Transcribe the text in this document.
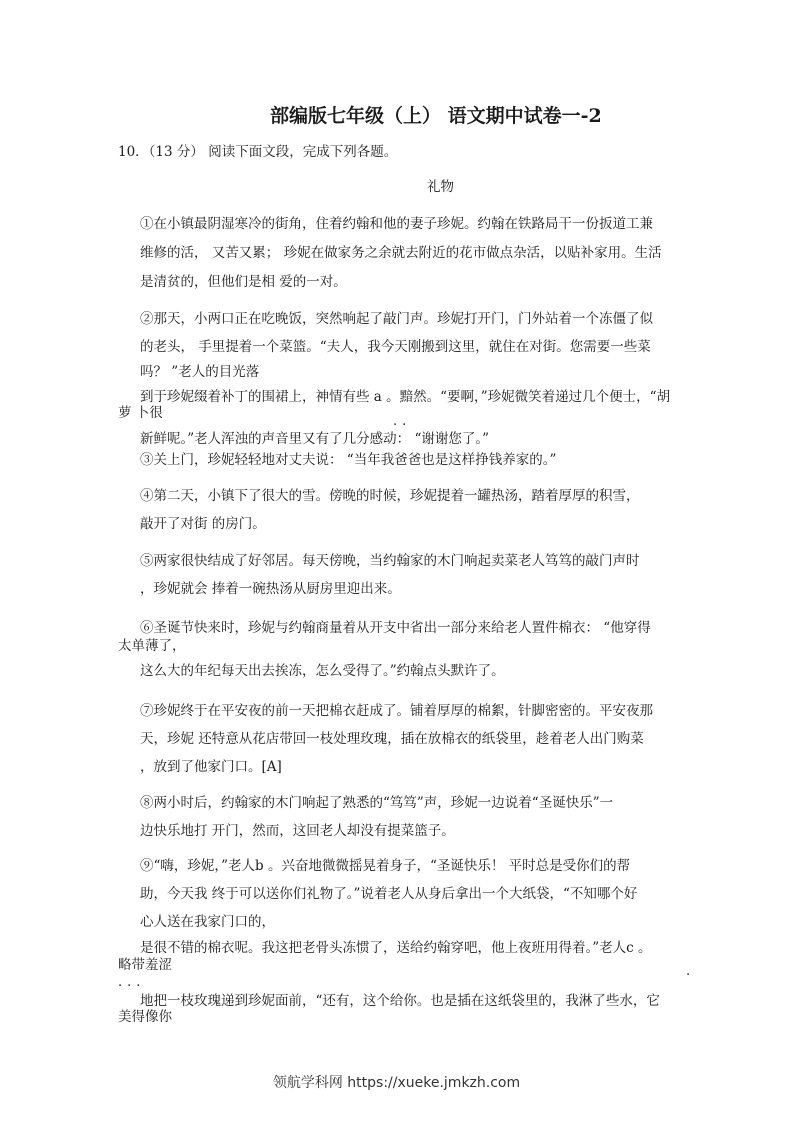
部编版七年级（上） 语文期中试卷一-2
10．（13 分） 阅读下面文段，完成下列各题。
礼物
①在小镇最阴湿寒冷的街角，住着约翰和他的妻子珍妮。约翰在铁路局干一份扳道工兼
维修的活， 又苦又累； 珍妮在做家务之余就去附近的花市做点杂活，以贴补家用。生活
是清贫的，但他们是相 爱的一对。
②那天，小两口正在吃晚饭，突然响起了敲门声。珍妮打开门，门外站着一个冻僵了似
的老头， 手里提着一个菜篮。“夫人，我今天刚搬到这里，就住在对街。您需要一些菜
吗？ ”老人的目光落
到于珍妮缀着补丁的围裙上，神情有些 a 。黯然。“要啊，”珍妮微笑着递过几个便士，“胡
萝 卜很
..
新鲜呢。”老人浑浊的声音里又有了几分感动： “谢谢您了。”
③关上门，珍妮轻轻地对丈夫说： “当年我爸爸也是这样挣钱养家的。”
④第二天，小镇下了很大的雪。傍晚的时候，珍妮提着一罐热汤，踏着厚厚的积雪，
敲开了对街 的房门。
⑤两家很快结成了好邻居。每天傍晚，当约翰家的木门响起卖菜老人笃笃的敲门声时
，珍妮就会 捧着一碗热汤从厨房里迎出来。
⑥圣诞节快来时，珍妮与约翰商量着从开支中省出一部分来给老人置件棉衣： “他穿得
太单薄了，
这么大的年纪每天出去挨冻，怎么受得了。”约翰点头默许了。
⑦珍妮终于在平安夜的前一天把棉衣赶成了。铺着厚厚的棉絮，针脚密密的。平安夜那
天，珍妮 还特意从花店带回一枝处理玫瑰，插在放棉衣的纸袋里，趁着老人出门购菜
，放到了他家门口。[A]
⑧两小时后，约翰家的木门响起了熟悉的“笃笃”声，珍妮一边说着“圣诞快乐”一
边快乐地打 开门，然而，这回老人却没有提菜篮子。
⑨“嗨，珍妮，”老人b 。兴奋地微微摇晃着身子，“圣诞快乐！ 平时总是受你们的帮
助，今天我 终于可以送你们礼物了。”说着老人从身后拿出一个大纸袋，“不知哪个好
心人送在我家门口的，
是很不错的棉衣呢。我这把老骨头冻惯了，送给约翰穿吧，他上夜班用得着。”老人c 。
略带羞涩	.
...
地把一枝玫瑰递到珍妮面前，“还有，这个给你。也是插在这纸袋里的，我淋了些水，它
美得像你
领航学科网 https://xueke.jmkzh.com
